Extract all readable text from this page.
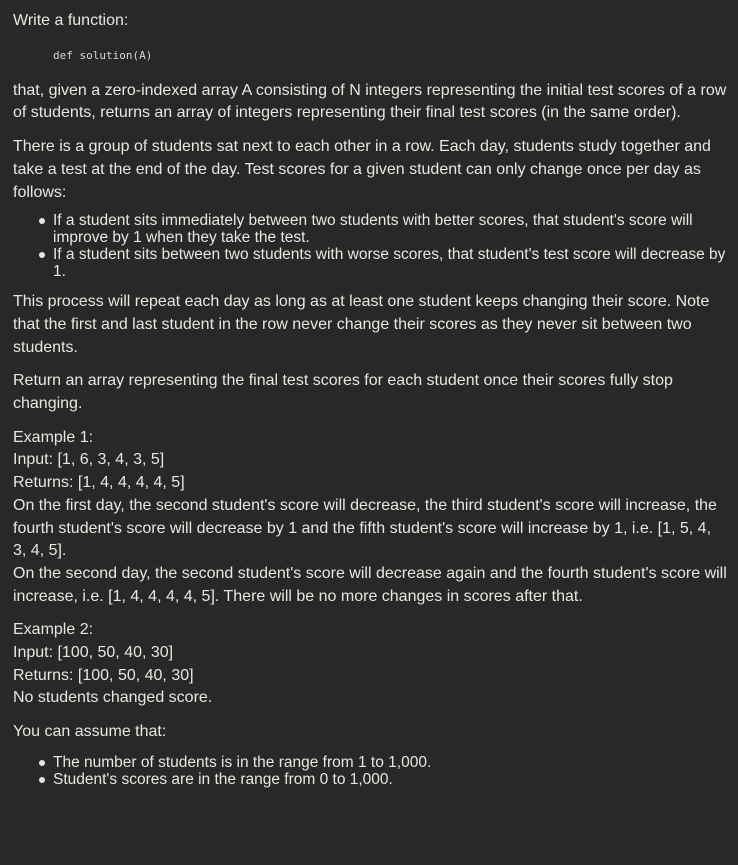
Write a function:

def solution(A)

that, given a zero-indexed array A consisting of N integers representing the initial test scores of a row of students, returns an array of integers representing their final test scores (in the same order).

There is a group of students sat next to each other in a row. Each day, students study together and take a test at the end of the day. Test scores for a given student can only change once per day as follows:

If a student sits immediately between two students with better scores, that student's score will improve by 1 when they take the test.
If a student sits between two students with worse scores, that student's test score will decrease by 1.

This process will repeat each day as long as at least one student keeps changing their score. Note that the first and last student in the row never change their scores as they never sit between two students.

Return an array representing the final test scores for each student once their scores fully stop changing.

Example 1:

Input: [1, 6, 3, 4, 3, 5]

Returns: [1, 4, 4, 4, 4, 5]

On the first day, the second student's score will decrease, the third student's score will increase, the fourth student's score will decrease by 1 and the fifth student's score will increase by 1, i.e. [1, 5, 4, 3, 4, 5].

On the second day, the second student's score will decrease again and the fourth student's score will increase, i.e. [1, 4, 4, 4, 4, 5]. There will be no more changes in scores after that.

Example 2:

Input: [100, 50, 40, 30]

Returns: [100, 50, 40, 30]

No students changed score.

You can assume that:

The number of students is in the range from 1 to 1,000.
Student's scores are in the range from 0 to 1,000.
